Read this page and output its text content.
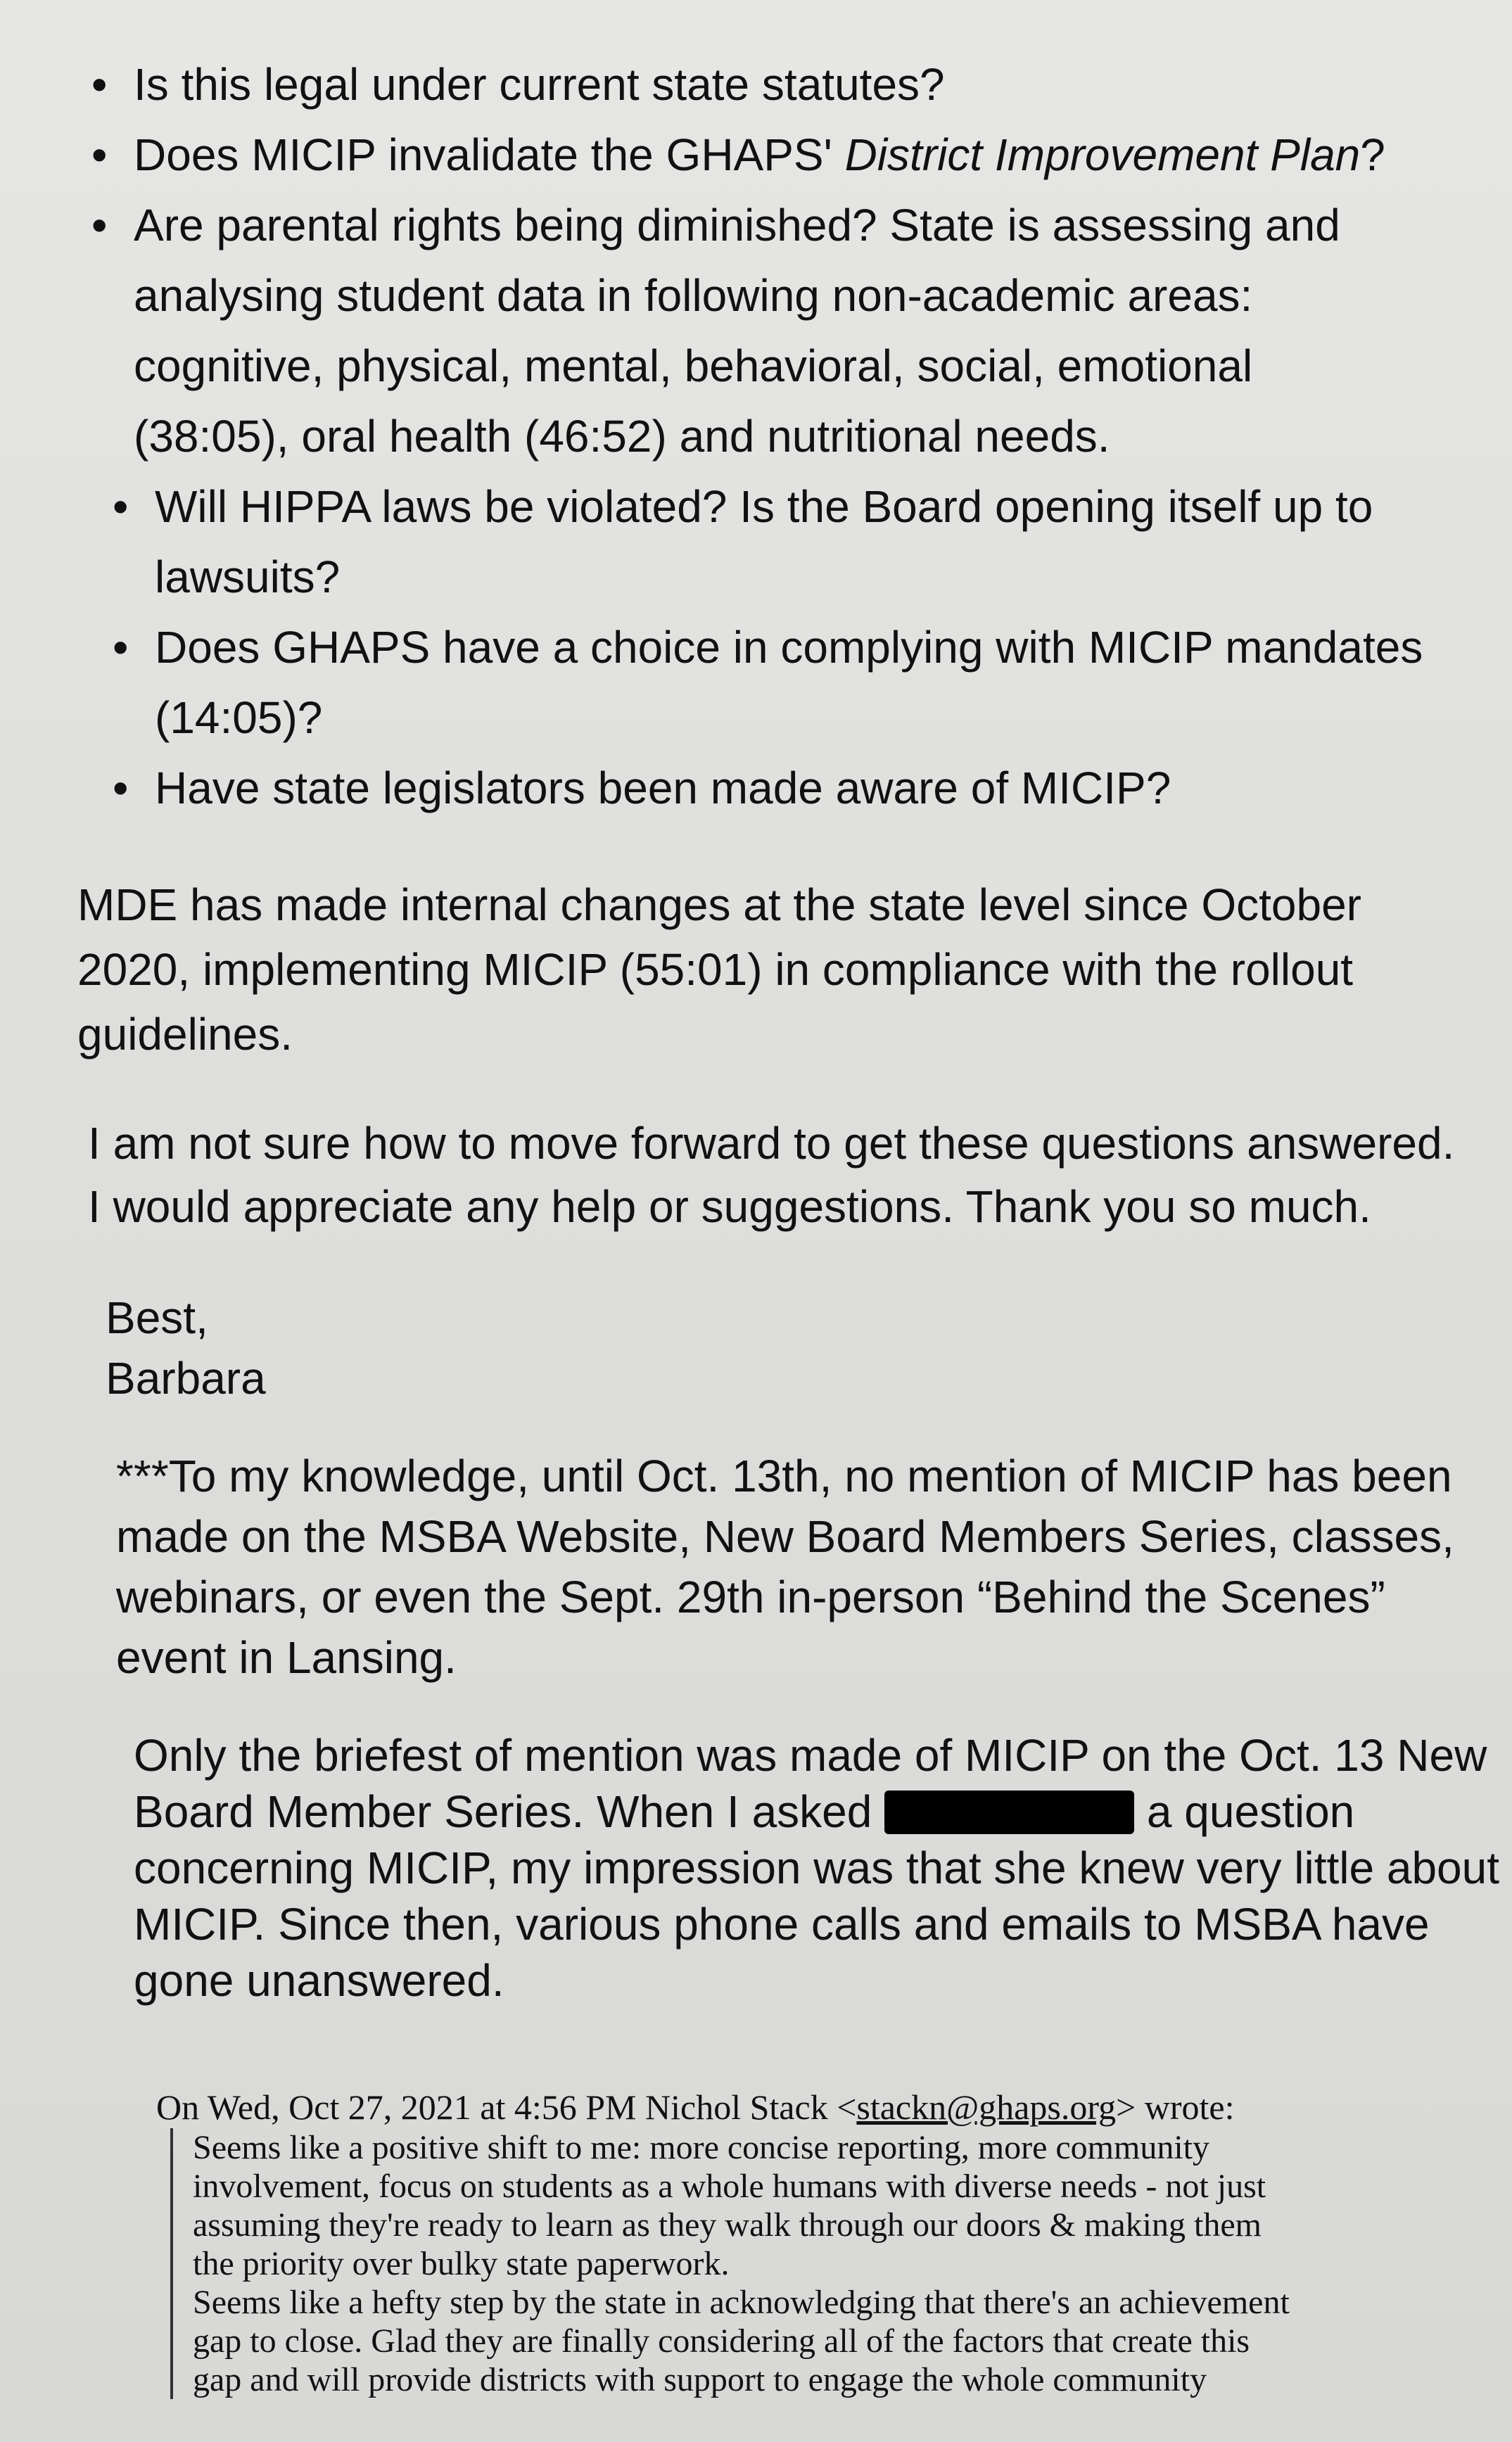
• Is this legal under current state statutes?
• Does MICIP invalidate the GHAPS' District Improvement Plan?
• Are parental rights being diminished? State is assessing and
analysing student data in following non-academic areas:
cognitive, physical, mental, behavioral, social, emotional
(38:05), oral health (46:52) and nutritional needs.
• Will HIPPA laws be violated? Is the Board opening itself up to
lawsuits?
• Does GHAPS have a choice in complying with MICIP mandates
(14:05)?
• Have state legislators been made aware of MICIP?
MDE has made internal changes at the state level since October
2020, implementing MICIP (55:01) in compliance with the rollout
guidelines.
I am not sure how to move forward to get these questions answered.
I would appreciate any help or suggestions. Thank you so much.
Best,
Barbara
***To my knowledge, until Oct. 13th, no mention of MICIP has been
made on the MSBA Website, New Board Members Series, classes,
webinars, or even the Sept. 29th in-person “Behind the Scenes”
event in Lansing.
Only the briefest of mention was made of MICIP on the Oct. 13 New
Board Member Series. When I asked	a question
concerning MICIP, my impression was that she knew very little about
MICIP. Since then, various phone calls and emails to MSBA have
gone unanswered.
On Wed, Oct 27, 2021 at 4:56 PM Nichol Stack <stackn@ghaps.org> wrote:

Seems like a positive shift to me: more concise reporting, more community

involvement, focus on students as a whole humans with diverse needs - not just

assuming they're ready to learn as they walk through our doors & making them

the priority over bulky state paperwork.

Seems like a hefty step by the state in acknowledging that there's an achievement

gap to close. Glad they are finally considering all of the factors that create this

gap and will provide districts with support to engage the whole community
